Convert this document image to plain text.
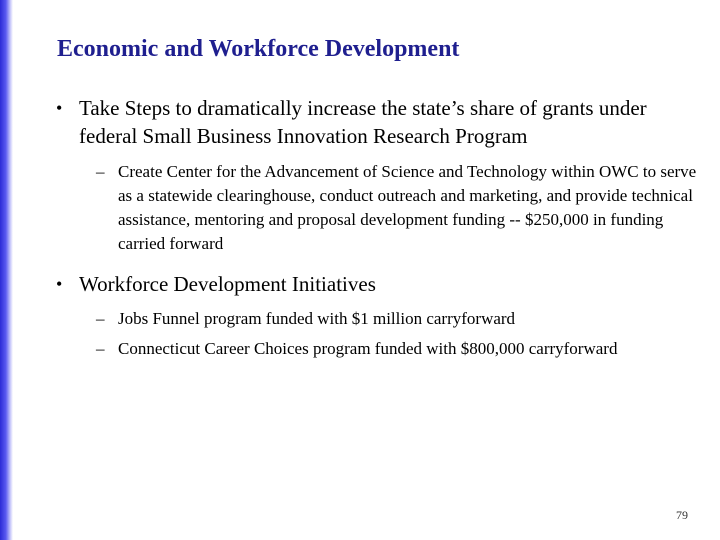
Economic and Workforce Development
• Take Steps to dramatically increase the state’s share of grants under federal Small Business Innovation Research Program
– Create Center for the Advancement of Science and Technology within OWC to serve as a statewide clearinghouse, conduct outreach and marketing, and provide technical assistance, mentoring and proposal development funding -- $250,000 in funding carried forward
• Workforce Development Initiatives
– Jobs Funnel program funded with $1 million carryforward
– Connecticut Career Choices program funded with $800,000 carryforward
79
